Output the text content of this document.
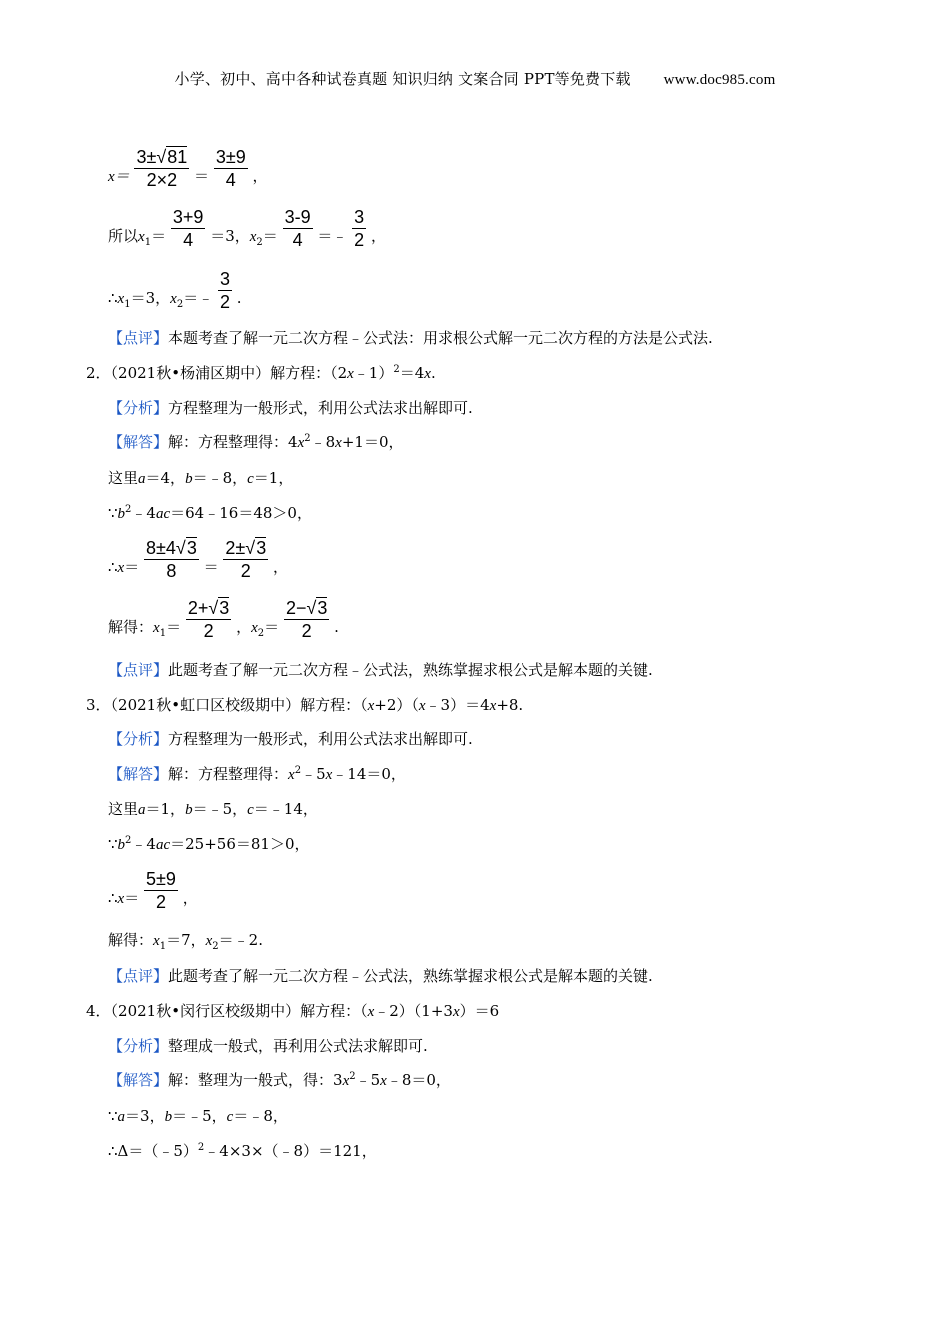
小学、初中、高中各种试卷真题 知识归纳 文案合同 PPT等免费下载 www.doc985.com
$x= \frac{3\pm√81}{2\times 2} = \frac{3\pm 9}{4}$ ，
所以$x_1= \frac{3+9}{4} =3$，$x_2= \frac{3-9}{4}$ ＝﹣ $\frac{3}{2}$ ，
$\therefore x_1=3$，$x_2=﹣ \frac{3}{2}$ .
【点评】本题考查了解一元二次方程﹣公式法：用求根公式解一元二次方程的方法是公式法.
2．（2021秋•杨浦区期中）解方程：（2x﹣1）$^2$＝4x.
【分析】方程整理为一般形式，利用公式法求出解即可.
【解答】解：方程整理得：$4x^2﹣8x+1=0$，
这里a＝4，b＝﹣8，c＝1，
$\because b^2﹣4ac=64﹣16=48>0$，
∴x＝ $\frac{8\pm 4√3}{8} = \frac{2\pm√3}{2}$ ，
解得：$x_1= \frac{2+√3}{2}$ ，$x_2= \frac{2-√3}{2}$ .
【点评】此题考查了解一元二次方程﹣公式法，熟练掌握求根公式是解本题的关键.
3．（2021秋•虹口区校级期中）解方程：（x+2）（x﹣3）＝4x+8.
【分析】方程整理为一般形式，利用公式法求出解即可.
【解答】解：方程整理得：$x^2﹣5x﹣14=0$，
这里a＝1，b＝﹣5，c＝﹣14，
$\because b^2﹣4ac=25+56=81>0$，
∴x＝ $\frac{5\pm 9}{2}$ ，
解得：$x_1=7$，$x_2=﹣2$.
【点评】此题考查了解一元二次方程﹣公式法，熟练掌握求根公式是解本题的关键.
4．（2021秋•闵行区校级期中）解方程：（x﹣2）（1+3x）＝6
【分析】整理成一般式，再利用公式法求解即可.
【解答】解：整理为一般式，得：$3x^2﹣5x﹣8=0$，
∵a＝3，b＝﹣5，c＝﹣8，
∴Δ＝（﹣5）$^2$﹣4×3×（﹣8）＝121，
